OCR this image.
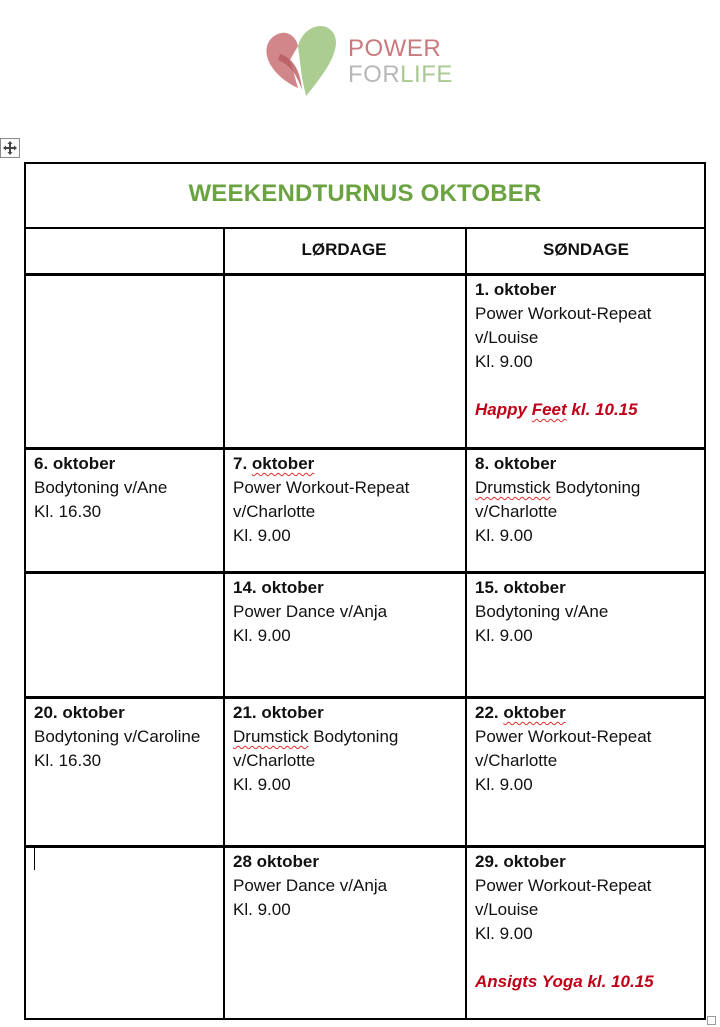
POWER
FORLIFE
WEEKENDTURNUS OKTOBER
LØRDAGE	SØNDAGE
1. oktober
Power Workout-Repeat
v/Louise
Kl. 9.00
Happy Feet kl. 10.15
6. oktober
Bodytoning v/Ane
Kl. 16.30
7. oktober
Power Workout-Repeat
v/Charlotte
Kl. 9.00
8. oktober
Drumstick Bodytoning
v/Charlotte
Kl. 9.00
14. oktober
Power Dance v/Anja
Kl. 9.00
15. oktober
Bodytoning v/Ane
Kl. 9.00
20. oktober
Bodytoning v/Caroline
Kl. 16.30
21. oktober
Drumstick Bodytoning
v/Charlotte
Kl. 9.00
22. oktober
Power Workout-Repeat
v/Charlotte
Kl. 9.00
28 oktober
Power Dance v/Anja
Kl. 9.00
29. oktober
Power Workout-Repeat
v/Louise
Kl. 9.00
Ansigts Yoga kl. 10.15
